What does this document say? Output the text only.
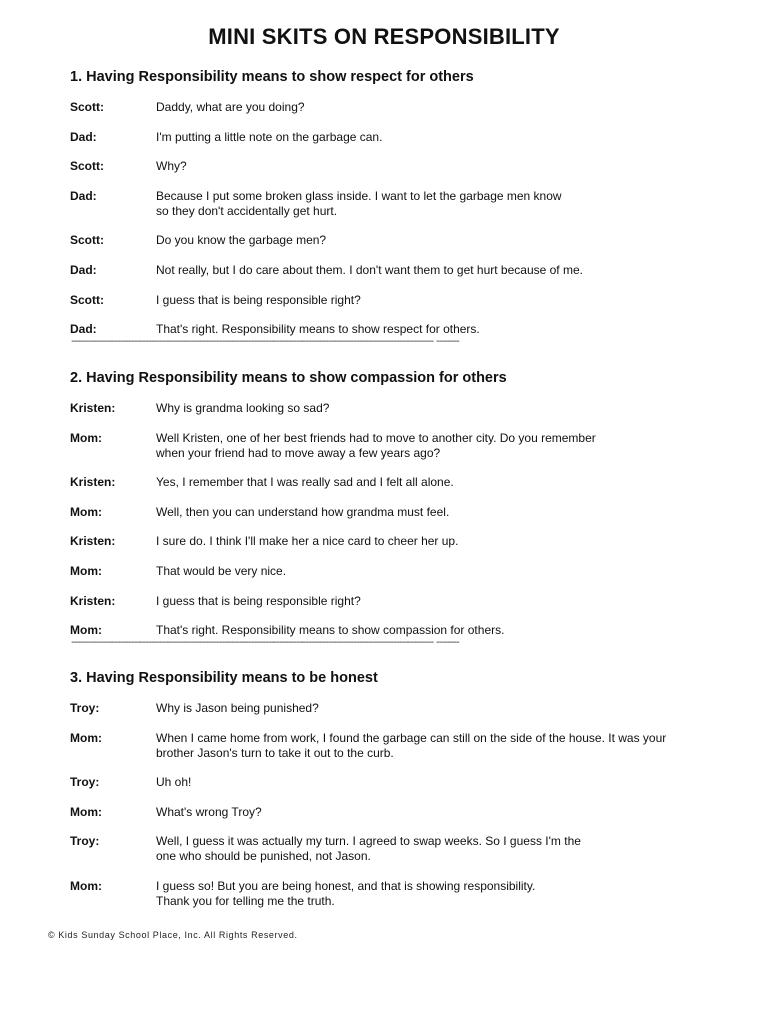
MINI SKITS ON RESPONSIBILITY
1. Having Responsibility means to show respect for others
Scott:	Daddy, what are you doing?
Dad:	I'm putting a little note on the garbage can.
Scott:	Why?
Dad:	Because I put some broken glass inside. I want to let the garbage men know
so they don't accidentally get hurt.
Scott:	Do you know the garbage men?
Dad:	Not really, but I do care about them. I don't want them to get hurt because of me.
Scott:	I guess that is being responsible right?
Dad:	That's right. Responsibility means to show respect for others.
------------------------------------------------------------------------------------------------------------------------------- --------
2. Having Responsibility means to show compassion for others
Kristen:	Why is grandma looking so sad?
Mom:	Well Kristen, one of her best friends had to move to another city. Do you remember
when your friend had to move away a few years ago?
Kristen:	Yes, I remember that I was really sad and I felt all alone.
Mom:	Well, then you can understand how grandma must feel.
Kristen:	I sure do. I think I'll make her a nice card to cheer her up.
Mom:	That would be very nice.
Kristen:	I guess that is being responsible right?
Mom:	That's right. Responsibility means to show compassion for others.
------------------------------------------------------------------------------------------------------------------------------- --------
3. Having Responsibility means to be honest
Troy:	Why is Jason being punished?
Mom:	When I came home from work, I found the garbage can still on the side of the house. It was your
brother Jason's turn to take it out to the curb.
Troy:	Uh oh!
Mom:	What's wrong Troy?
Troy:	Well, I guess it was actually my turn. I agreed to swap weeks. So I guess I'm the
one who should be punished, not Jason.
Mom:	I guess so! But you are being honest, and that is showing responsibility.
Thank you for telling me the truth.
© Kids Sunday School Place, Inc. All Rights Reserved.
